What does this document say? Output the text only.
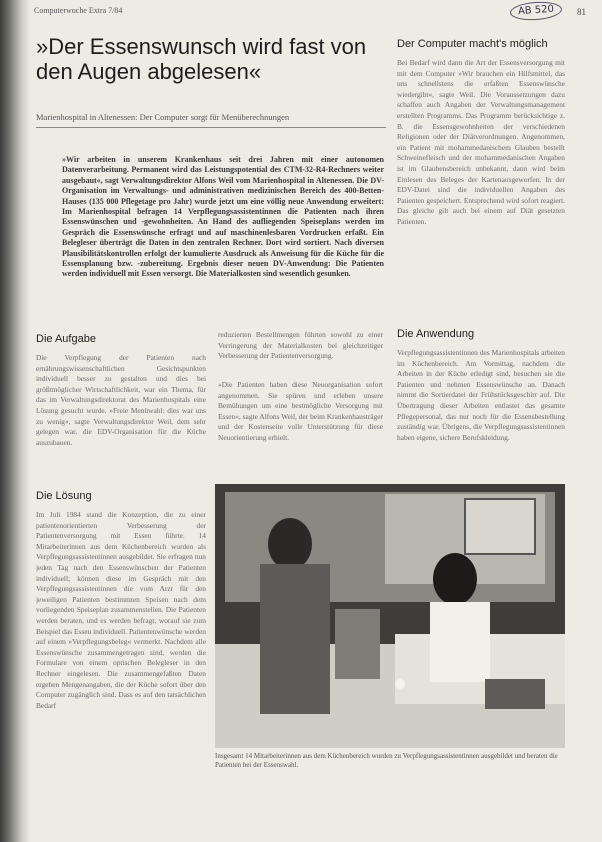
Computerwoche Extra 7/84	AB 520	81
»Der Essenswunsch wird fast von den Augen abgelesen«
Marienhospital in Altenessen: Der Computer sorgt für Menüberechnungen
»Wir arbeiten in unserem Krankenhaus seit drei Jahren mit einer autonomen Datenverarbeitung. Permanent wird das Leistungspotential des CTM-32-R4-Rechners weiter ausgebaut«, sagt Verwaltungsdirektor Alfons Weil vom Marienhospital in Altenessen. Die DV-Organisation im Verwaltungs- und administrativen medizinischen Bereich des 400-Betten-Hauses (135 000 Pflegetage pro Jahr) wurde jetzt um eine völlig neue Anwendung erweitert: Im Marienhospital befragen 14 Verpflegungsassistentinnen die Patienten nach ihren Essenswünschen und -gewohnheiten. An Hand des aufliegenden Speiseplans werden im Gespräch die Essenswünsche erfragt und auf maschinenlesbaren Vordrucken erfaßt. Ein Belegleser überträgt die Daten in den zentralen Rechner. Dort wird sortiert. Nach diversen Plausibilitätskontrollen erfolgt der kumulierte Ausdruck als Anweisung für die Küche für die Essensplanung bzw. -zubereitung. Ergebnis dieser neuen DV-Anwendung: Die Patienten werden individuell mit Essen versorgt. Die Materialkosten sind wesentlich gesunken.
Die Aufgabe
Die Verpflegung der Patienten nach ernährungswissenschaftlichen Gesichtspunkten individuell besser zu gestalten und dies bei größtmöglicher Wirtschaftlichkeit, war ein Thema, für das im Verwaltungsdirektorat des Marienhospitals eine Lösung gesucht wurde. »Freie Menüwahl: dies war uns zu wenig«, sagte Verwaltungsdirektor Weil, dem sehr gelegen war, die EDV-Organisation für die Küche auszubauen.
Die Lösung
Im Juli 1984 stand die Konzeption, die zu einer patientenorientierten Verbesserung der Patientenversorgung mit Essen führte. 14 Mitarbeiterinnen aus dem Küchenbereich wurden als Verpflegungsassistentinnen ausgebildet. Sie erfragen nun jeden Tag nach den Essenswünschen der Patienten individuell; können diese im Gespräch mit den Verpflegungsassistentinnen die vom Arzt für den jeweiligen Patienten bestimmten Speisen nach dem vorliegenden Speiseplan zusammenstellen. Die Patienten werden beraten, und es werden befragt, worauf sie zum Beispiel das Essen individuell. Patientenwünsche werden auf einem »Verpflegungsbeleg« vermerkt. Nachdem alle Essenswünsche zusammengetragen sind, werden die Formulare von einem optischen Belegleser in den Rechner eingelesen. Die zusammengefaßten Daten ergeben Mengenangaben, die der Küche sofort über den Computer zugänglich sind. Dass es auf den tatsächlichen Bedarf
reduzierten Bestellmengen führten sowohl zu einer Verringerung der Materialkosten bei gleichzeitiger Verbesserung der Patientenversorgung.
»Die Patienten haben diese Neuorganisation sofort angenommen. Sie spüren und erleben unsere Bemühungen um eine bestmögliche Versorgung mit Essen«, sagte Alfons Weil, der beim Krankenhausträger und der Kostenseite volle Unterstützung für diese Neuorientierung erhielt.
Der Computer macht's möglich
Bei Bedarf wird dann die Art der Essensversorgung mit mit dem Computer »Wir brauchen ein Hilfsmittel, das uns schnellstens die erfaßten Essenswünsche wiedergibt«, sagte Weil. Die Voraussetzungen dazu schaffen auch Angaben der Verwaltungsmanagement erstellten Programms. Das Programm berücksichtige z. B. die Essensgewohnheiten der verschiedenen Religionen oder der Diätverordnungen. Angenommen, ein Patient mit mohammedanischem Glauben bestellt Schweinefleisch und der mohammedanischen Angaben ist im Glaubensbereich unbekannt, dann wird beim Einlesen des Beleges der Kartenausgeworfen. In der EDV-Datei sind die individuellen Angaben des Patienten gespeichert. Entsprechend wird sofort reagiert. Das gleiche gilt auch bei einem auf Diät gesetzten Patienten.
Die Anwendung
Verpflegungsassistentinnen des Marienhospitals arbeiten im Küchenbereich. Am Vormittag, nachdem die Arbeiten in der Küche erledigt sind, besuchen sie die Patienten und nehmen Essenswünsche an. Danach nimmt die Sortierdatei der Frühstücksgeschirr auf. Die Übertragung dieser Arbeiten entlastet das gesamte Pflegepersonal, das nur noch für die Essensbestellung zuständig war. Übrigens, die Verpflegungsassistentinnen haben eigene, sichere Berufskleidung.
Insgesamt 14 Mitarbeiterinnen aus dem Küchenbereich wurden zu Verpflegungsassistentinnen ausgebildet und beraten die Patienten bei der Essenswahl.
